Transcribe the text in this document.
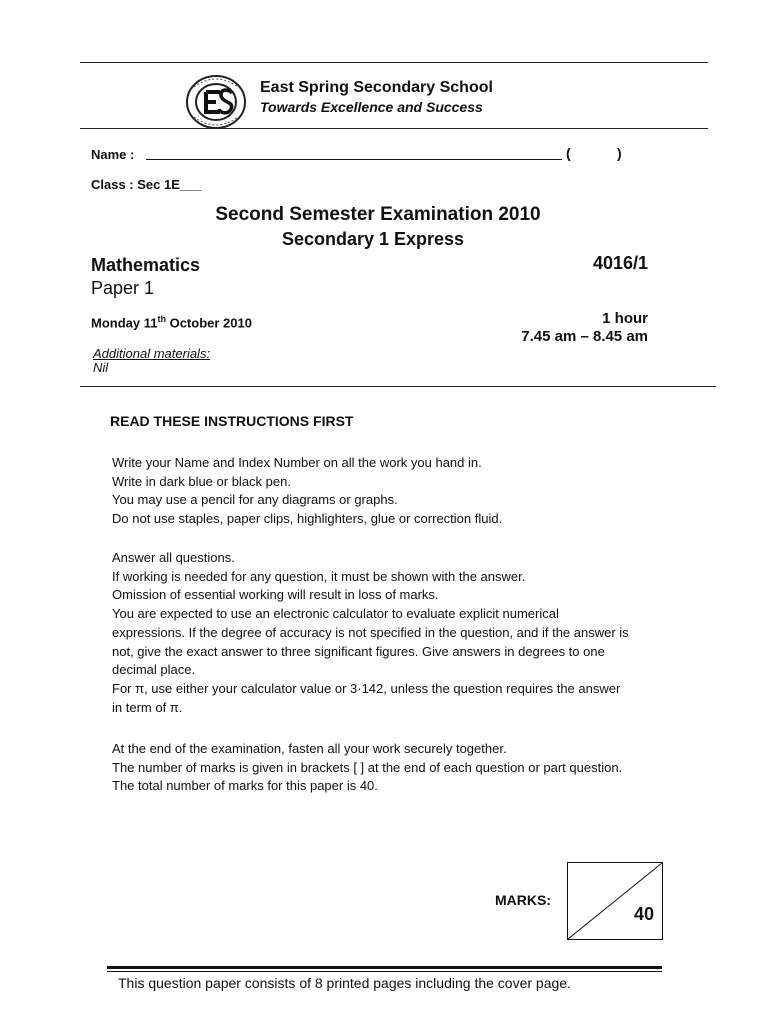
East Spring Secondary School
Towards Excellence and Success
Name :	(	)
Class : Sec 1E___
Second Semester Examination 2010
Secondary 1 Express
Mathematics	4016/1
Paper 1
Monday 11th October 2010	1 hour
7.45 am – 8.45 am
Additional materials:
Nil
READ THESE INSTRUCTIONS FIRST
Write your Name and Index Number on all the work you hand in.
Write in dark blue or black pen.
You may use a pencil for any diagrams or graphs.
Do not use staples, paper clips, highlighters, glue or correction fluid.
Answer all questions.
If working is needed for any question, it must be shown with the answer.
Omission of essential working will result in loss of marks.
You are expected to use an electronic calculator to evaluate explicit numerical
expressions. If the degree of accuracy is not specified in the question, and if the answer is
not, give the exact answer to three significant figures. Give answers in degrees to one
decimal place.
For π, use either your calculator value or 3·142, unless the question requires the answer
in term of π.
At the end of the examination, fasten all your work securely together.
The number of marks is given in brackets [ ] at the end of each question or part question.
The total number of marks for this paper is 40.
MARKS:
40
This question paper consists of 8 printed pages including the cover page.
